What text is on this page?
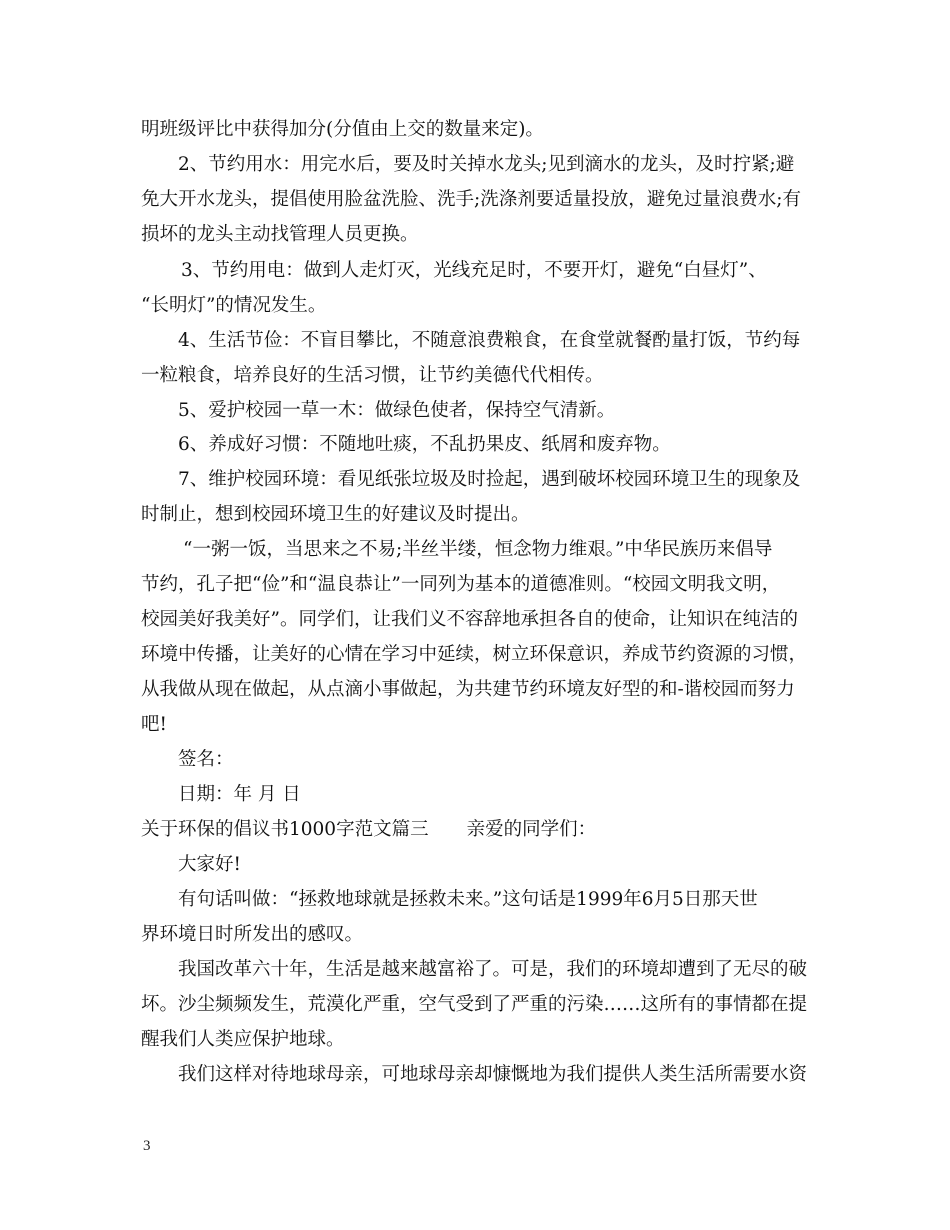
明班级评比中获得加分(分值由上交的数量来定)。
2、节约用水：用完水后，要及时关掉水龙头;见到滴水的龙头，及时拧紧;避
免大开水龙头，提倡使用脸盆洗脸、洗手;洗涤剂要适量投放，避免过量浪费水;有
损坏的龙头主动找管理人员更换。
3、节约用电：做到人走灯灭，光线充足时，不要开灯，避免“白昼灯”、
“长明灯”的情况发生。
4、生活节俭：不盲目攀比，不随意浪费粮食，在食堂就餐酌量打饭，节约每
一粒粮食，培养良好的生活习惯，让节约美德代代相传。
5、爱护校园一草一木：做绿色使者，保持空气清新。
6、养成好习惯：不随地吐痰，不乱扔果皮、纸屑和废弃物。
7、维护校园环境：看见纸张垃圾及时捡起，遇到破坏校园环境卫生的现象及
时制止，想到校园环境卫生的好建议及时提出。
“一粥一饭，当思来之不易;半丝半缕，恒念物力维艰。”中华民族历来倡导
节约，孔子把“俭”和“温良恭让”一同列为基本的道德准则。“校园文明我文明，
校园美好我美好”。同学们，让我们义不容辞地承担各自的使命，让知识在纯洁的
环境中传播，让美好的心情在学习中延续，树立环保意识，养成节约资源的习惯，
从我做从现在做起，从点滴小事做起，为共建节约环境友好型的和-谐校园而努力
吧!
签名：
日期：年 月 日
关于环保的倡议书1000字范文篇三 亲爱的同学们：
大家好!
有句话叫做：“拯救地球就是拯救未来。”这句话是1999年6月5日那天世
界环境日时所发出的感叹。
我国改革六十年，生活是越来越富裕了。可是，我们的环境却遭到了无尽的破
坏。沙尘频频发生，荒漠化严重，空气受到了严重的污染……这所有的事情都在提
醒我们人类应保护地球。
我们这样对待地球母亲，可地球母亲却慷慨地为我们提供人类生活所需要水资
3
